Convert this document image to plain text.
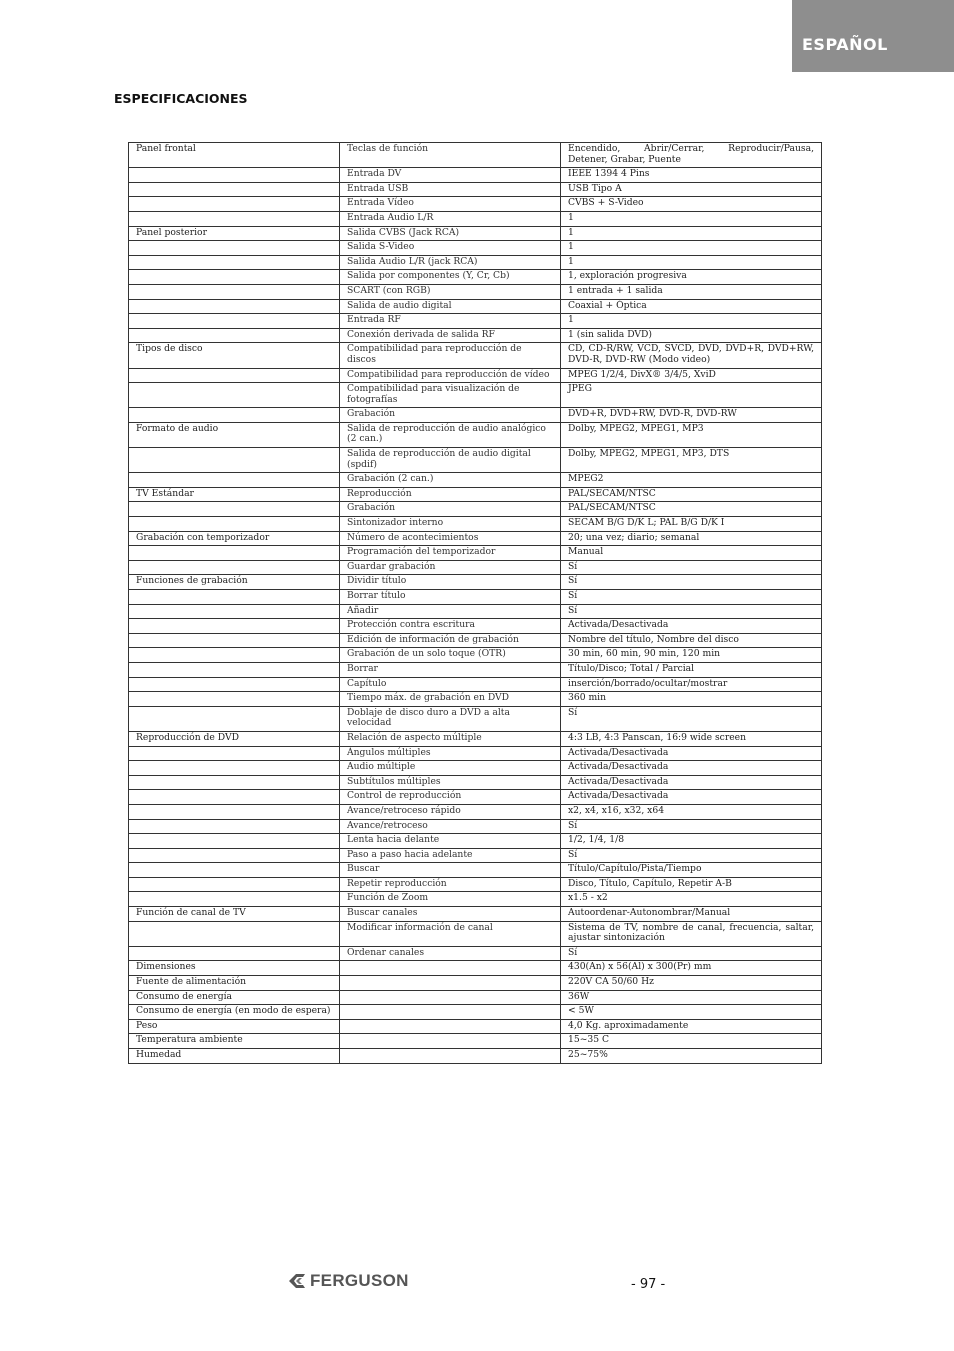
ESPAÑOL
ESPECIFICACIONES
Panel frontal	Teclas de función	Encendido, Abrir/Cerrar, Reproducir/Pausa, Detener, Grabar, Puente
	Entrada DV	IEEE 1394 4 Pins
	Entrada USB	USB Tipo A
	Entrada Vídeo	CVBS + S-Video
	Entrada Audio L/R	1
Panel posterior	Salida CVBS (Jack RCA)	1
	Salida S-Video	1
	Salida Audio L/R (jack RCA)	1
	Salida por componentes (Y, Cr, Cb)	1, exploración progresiva
	SCART (con RGB)	1 entrada + 1 salida
	Salida de audio digital	Coaxial + Óptica
	Entrada RF	1
	Conexión derivada de salida RF	1 (sin salida DVD)
Tipos de disco	Compatibilidad para reproducción de discos	CD, CD-R/RW, VCD, SVCD, DVD, DVD+R, DVD+RW, DVD-R, DVD-RW (Modo video)
	Compatibilidad para reproducción de vídeo	MPEG 1/2/4, DivX® 3/4/5, XviD
	Compatibilidad para visualización de fotografías	JPEG
	Grabación	DVD+R, DVD+RW, DVD-R, DVD-RW
Formato de audio	Salida de reproducción de audio analógico (2 can.)	Dolby, MPEG2, MPEG1, MP3
	Salida de reproducción de audio digital (spdif)	Dolby, MPEG2, MPEG1, MP3, DTS
	Grabación (2 can.)	MPEG2
TV Estándar	Reproducción	PAL/SECAM/NTSC
	Grabación	PAL/SECAM/NTSC
	Sintonizador interno	SECAM B/G D/K L; PAL B/G D/K I
Grabación con temporizador	Número de acontecimientos	20; una vez; diario; semanal
	Programación del temporizador	Manual
	Guardar grabación	Sí
Funciones de grabación	Dividir título	Sí
	Borrar título	Sí
	Añadir	Sí
	Protección contra escritura	Activada/Desactivada
	Edición de información de grabación	Nombre del título, Nombre del disco
	Grabación de un solo toque (OTR)	30 min, 60 min, 90 min, 120 min
	Borrar	Título/Disco; Total / Parcial
	Capítulo	inserción/borrado/ocultar/mostrar
	Tiempo máx. de grabación en DVD	360 min
	Doblaje de disco duro a DVD a alta velocidad	Sí
Reproducción de DVD	Relación de aspecto múltiple	4:3 LB, 4:3 Panscan, 16:9 wide screen
	Ángulos múltiples	Activada/Desactivada
	Audio múltiple	Activada/Desactivada
	Subtítulos múltiples	Activada/Desactivada
	Control de reproducción	Activada/Desactivada
	Avance/retroceso rápido	x2, x4, x16, x32, x64
	Avance/retroceso	Sí
	Lenta hacia delante	1/2, 1/4, 1/8
	Paso a paso hacia adelante	Sí
	Buscar	Título/Capítulo/Pista/Tiempo
	Repetir reproducción	Disco, Título, Capítulo, Repetir A-B
	Función de Zoom	x1.5 - x2
Función de canal de TV	Buscar canales	Autoordenar-Autonombrar/Manual
	Modificar información de canal	Sistema de TV, nombre de canal, frecuencia, saltar, ajustar sintonización
	Ordenar canales	Sí
Dimensiones		430(An) x 56(Al) x 300(Pr) mm
Fuente de alimentación		220V CA 50/60 Hz
Consumo de energía		36W
Consumo de energía (en modo de espera)		< 5W
Peso		4,0 Kg. aproximadamente
Temperatura ambiente		15~35 C
Humedad		25~75%
FERGUSON	- 97 -
